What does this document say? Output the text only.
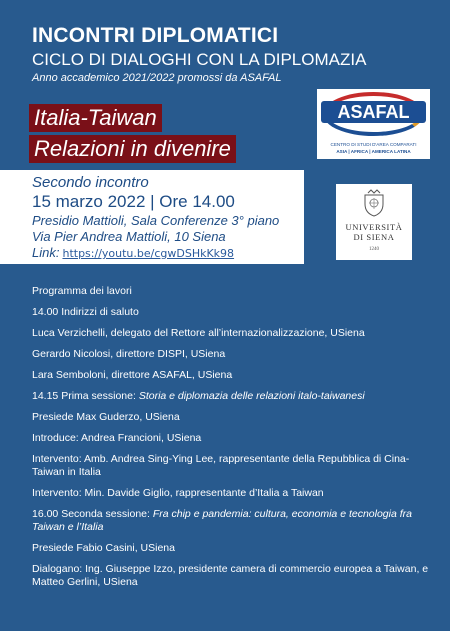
INCONTRI DIPLOMATICI
CICLO DI DIALOGHI CON LA DIPLOMAZIA
Anno accademico 2021/2022 promossi da ASAFAL
Italia-Taiwan
Relazioni in divenire
ASAFAL
CENTRO DI STUDI D'AREA COMPARATI
ASIA | AFRICA | AMERICA LATINA
Secondo incontro
15 marzo 2022 | Ore 14.00
Presidio Mattioli, Sala Conferenze 3° piano
Via Pier Andrea Mattioli, 10 Siena
Link: https://youtu.be/cgwDSHkKk98
UNIVERSITÀ
DI SIENA
1240
Programma dei lavori
14.00 Indirizzi di saluto
Luca Verzichelli, delegato del Rettore all’internazionalizzazione, USiena
Gerardo Nicolosi, direttore DISPI, USiena
Lara Semboloni, direttore ASAFAL, USiena
14.15 Prima sessione: Storia e diplomazia delle relazioni italo-taiwanesi
Presiede Max Guderzo, USiena
Introduce: Andrea Francioni, USiena
Intervento: Amb. Andrea Sing-Ying Lee, rappresentante della Repubblica di Cina-Taiwan in Italia
Intervento: Min. Davide Giglio, rappresentante d’Italia a Taiwan
16.00 Seconda sessione: Fra chip e pandemia: cultura, economia e tecnologia fra Taiwan e l’Italia
Presiede Fabio Casini, USiena
Dialogano: Ing. Giuseppe Izzo, presidente camera di commercio europea a Taiwan, e Matteo Gerlini, USiena
